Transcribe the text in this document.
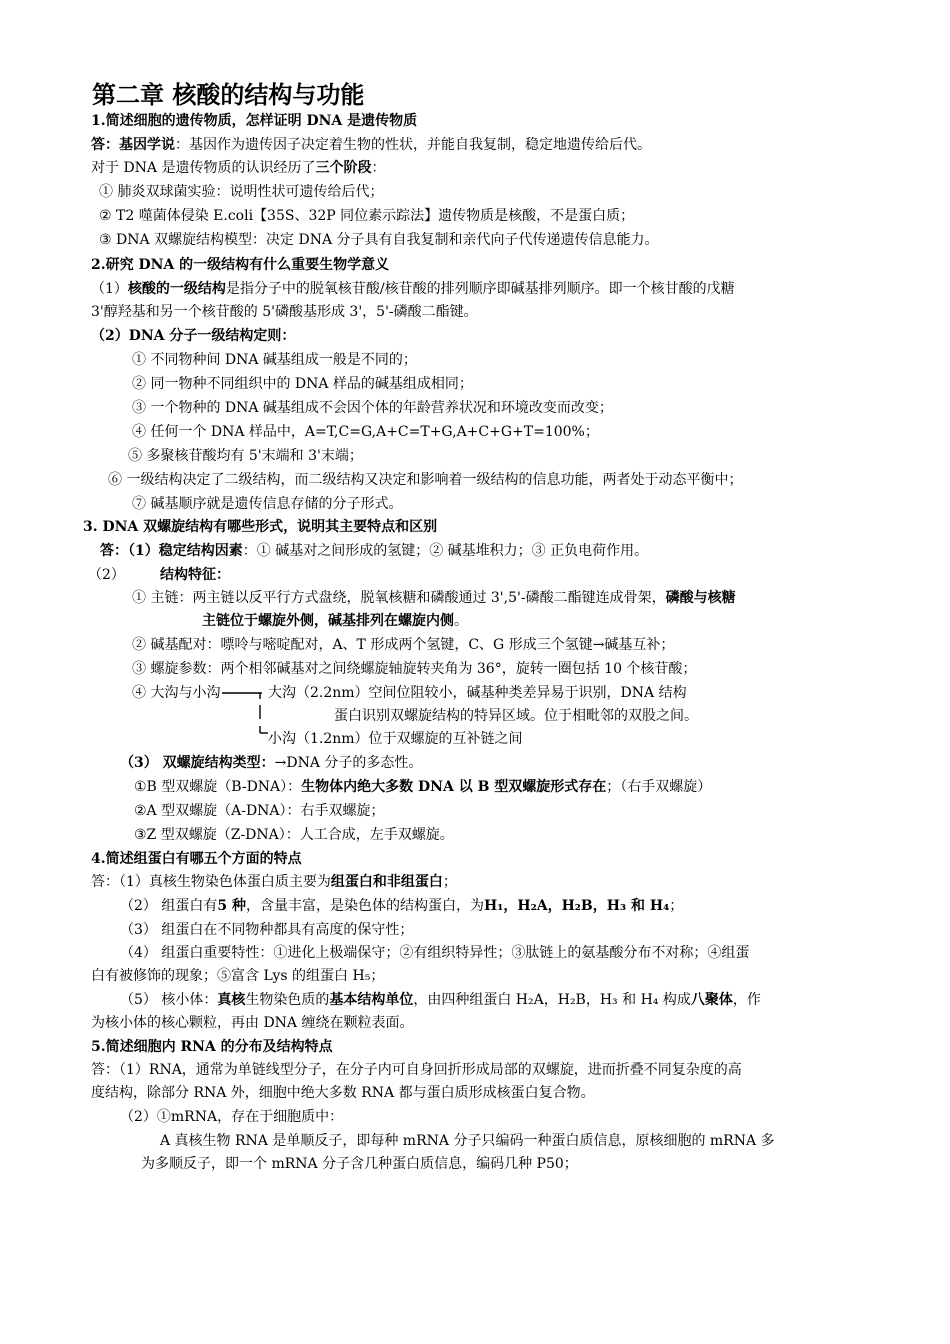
第二章 核酸的结构与功能
1.简述细胞的遗传物质，怎样证明 DNA 是遗传物质
答：基因学说：基因作为遗传因子决定着生物的性状，并能自我复制，稳定地遗传给后代。
对于 DNA 是遗传物质的认识经历了三个阶段：
① 肺炎双球菌实验：说明性状可遗传给后代；
② T2 噬菌体侵染 E.coli【35S、32P 同位素示踪法】遗传物质是核酸，不是蛋白质；
③ DNA 双螺旋结构模型：决定 DNA 分子具有自我复制和亲代向子代传递遗传信息能力。
2.研究 DNA 的一级结构有什么重要生物学意义
（1）核酸的一级结构是指分子中的脱氧核苷酸/核苷酸的排列顺序即碱基排列顺序。即一个核甘酸的戊糖
3'醇羟基和另一个核苷酸的 5'磷酸基形成 3'，5'-磷酸二酯键。
（2）DNA 分子一级结构定则：
① 不同物种间 DNA 碱基组成一般是不同的；
② 同一物种不同组织中的 DNA 样品的碱基组成相同；
③ 一个物种的 DNA 碱基组成不会因个体的年龄营养状况和环境改变而改变；
④ 任何一个 DNA 样品中，A=T,C=G,A+C=T+G,A+C+G+T=100%；
⑤ 多聚核苷酸均有 5'末端和 3'末端；
⑥ 一级结构决定了二级结构，而二级结构又决定和影响着一级结构的信息功能，两者处于动态平衡中；
⑦ 碱基顺序就是遗传信息存储的分子形式。
3. DNA 双螺旋结构有哪些形式，说明其主要特点和区别
答：（1）稳定结构因素：① 碱基对之间形成的氢键；② 碱基堆积力；③ 正负电荷作用。
（2）	结构特征：
① 主链：两主链以反平行方式盘绕，脱氧核糖和磷酸通过 3',5'-磷酸二酯键连成骨架，磷酸与核糖
主链位于螺旋外侧，碱基排列在螺旋内侧。
② 碱基配对：嘌呤与嘧啶配对，A、T 形成两个氢键，C、G 形成三个氢键→碱基互补；
③ 螺旋参数：两个相邻碱基对之间绕螺旋轴旋转夹角为 36°，旋转一圈包括 10 个核苷酸；
④ 大沟与小沟	大沟（2.2nm）空间位阻较小，碱基种类差异易于识别，DNA 结构
蛋白识别双螺旋结构的特异区域。位于相毗邻的双股之间。
小沟（1.2nm）位于双螺旋的互补链之间
（3） 双螺旋结构类型：→DNA 分子的多态性。
①B 型双螺旋（B-DNA）：生物体内绝大多数 DNA 以 B 型双螺旋形式存在；（右手双螺旋）
②A 型双螺旋（A-DNA）：右手双螺旋；
③Z 型双螺旋（Z-DNA）：人工合成，左手双螺旋。
4.简述组蛋白有哪五个方面的特点
答：（1）真核生物染色体蛋白质主要为组蛋白和非组蛋白；
（2） 组蛋白有5 种，含量丰富，是染色体的结构蛋白，为H₁，H₂A，H₂B，H₃ 和 H₄；
（3） 组蛋白在不同物种都具有高度的保守性；
（4） 组蛋白重要特性：①进化上极端保守；②有组织特异性；③肽链上的氨基酸分布不对称；④组蛋
白有被修饰的现象；⑤富含 Lys 的组蛋白 H₅；
（5） 核小体：真核生物染色质的基本结构单位，由四种组蛋白 H₂A，H₂B，H₃ 和 H₄ 构成八聚体，作
为核小体的核心颗粒，再由 DNA 缠绕在颗粒表面。
5.简述细胞内 RNA 的分布及结构特点
答：（1）RNA，通常为单链线型分子，在分子内可自身回折形成局部的双螺旋，进而折叠不同复杂度的高
度结构，除部分 RNA 外，细胞中绝大多数 RNA 都与蛋白质形成核蛋白复合物。
（2）①mRNA，存在于细胞质中：
A 真核生物 RNA 是单顺反子，即每种 mRNA 分子只编码一种蛋白质信息，原核细胞的 mRNA 多
为多顺反子，即一个 mRNA 分子含几种蛋白质信息，编码几种 P50；
